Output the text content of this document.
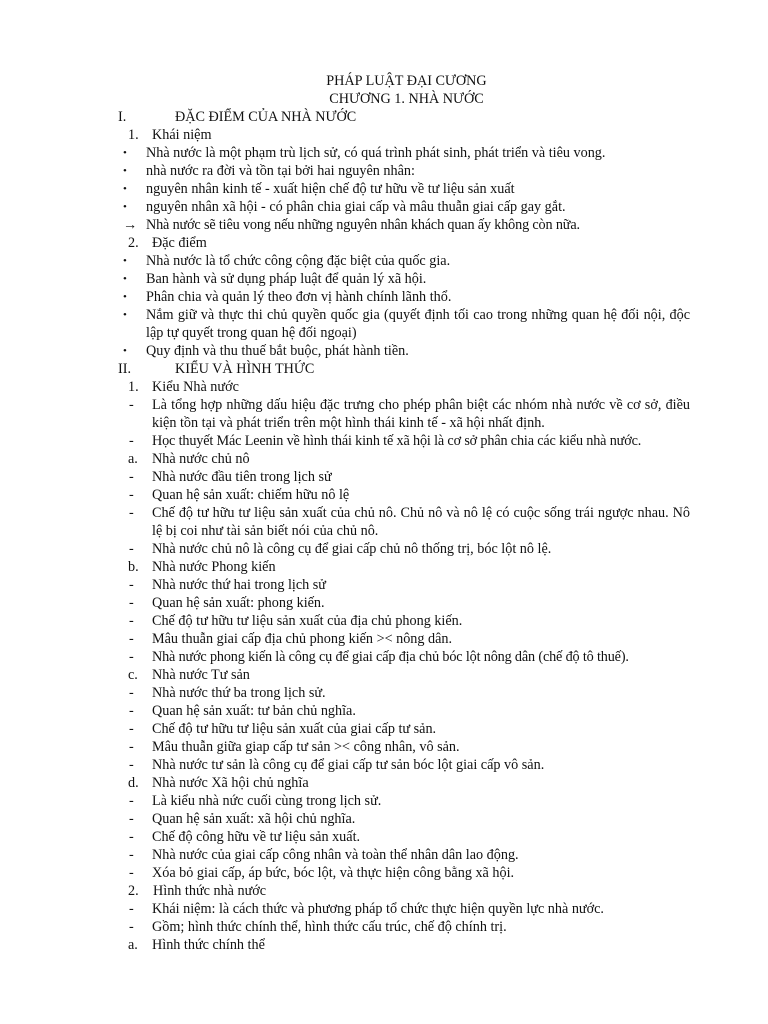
PHÁP LUẬT ĐẠI CƯƠNG
CHƯƠNG 1. NHÀ NƯỚC
I.	ĐẶC ĐIỂM CỦA NHÀ NƯỚC
1. Khái niệm
•	Nhà nước là một phạm trù lịch sử, có quá trình phát sinh, phát triển và tiêu vong.
•	nhà nước ra đời và tồn tại bởi hai nguyên nhân:
•	nguyên nhân kinh tế - xuất hiện chế độ tư hữu về tư liệu sản xuất
•	nguyên nhân xã hội - có phân chia giai cấp và mâu thuẫn giai cấp gay gắt.
→ Nhà nước sẽ tiêu vong nếu những nguyên nhân khách quan ấy không còn nữa.
2. Đặc điểm
•	Nhà nước là tổ chức công cộng đặc biệt của quốc gia.
•	Ban hành và sử dụng pháp luật để quản lý xã hội.
•	Phân chia và quản lý theo đơn vị hành chính lãnh thổ.
•	Nắm giữ và thực thi chủ quyền quốc gia (quyết định tối cao trong những quan hệ đối nội, độc lập tự quyết trong quan hệ đối ngoại)
•	Quy định và thu thuế bắt buộc, phát hành tiền.
II.	KIỂU VÀ HÌNH THỨC
1. Kiểu Nhà nước
-	Là tổng hợp những dấu hiệu đặc trưng cho phép phân biệt các nhóm nhà nước về cơ sở, điều kiện tồn tại và phát triển trên một hình thái kinh tế - xã hội nhất định.
-	Học thuyết Mác Leenin về hình thái kinh tế xã hội là cơ sở phân chia các kiểu nhà nước.
a. Nhà nước chủ nô
-	Nhà nước đầu tiên trong lịch sử
-	Quan hệ sản xuất: chiếm hữu nô lệ
-	Chế độ tư hữu tư liệu sản xuất của chủ nô. Chủ nô và nô lệ có cuộc sống trái ngược nhau. Nô lệ bị coi như tài sản biết nói của chủ nô.
-	Nhà nước chủ nô là công cụ để giai cấp chủ nô thống trị, bóc lột nô lệ.
b. Nhà nước Phong kiến
-	Nhà nước thứ hai trong lịch sử
-	Quan hệ sản xuất: phong kiến.
-	Chế độ tư hữu tư liệu sản xuất của địa chủ phong kiến.
-	Mâu thuẫn giai cấp địa chủ phong kiến >< nông dân.
-	Nhà nước phong kiến là công cụ để giai cấp địa chủ bóc lột nông dân (chế độ tô thuế).
c. Nhà nước Tư sản
-	Nhà nước thứ ba trong lịch sử.
-	Quan hệ sản xuất: tư bản chủ nghĩa.
-	Chế độ tư hữu tư liệu sản xuất của giai cấp tư sản.
-	Mâu thuẫn giữa giap cấp tư sản >< công nhân, vô sản.
-	Nhà nước tư sản là công cụ để giai cấp tư sản bóc lột giai cấp vô sản.
d. Nhà nước Xã hội chủ nghĩa
-	Là kiểu nhà nức cuối cùng trong lịch sử.
-	Quan hệ sản xuất: xã hội chủ nghĩa.
-	Chế độ công hữu về tư liệu sản xuất.
-	Nhà nước của giai cấp công nhân và toàn thể nhân dân lao động.
-	Xóa bỏ giai cấp, áp bức, bóc lột, và thực hiện công bằng xã hội.
2.	Hình thức nhà nước
-	Khái niệm: là cách thức và phương pháp tổ chức thực hiện quyền lực nhà nước.
-	Gồm; hình thức chính thể, hình thức cấu trúc, chế độ chính trị.
a. Hình thức chính thể
